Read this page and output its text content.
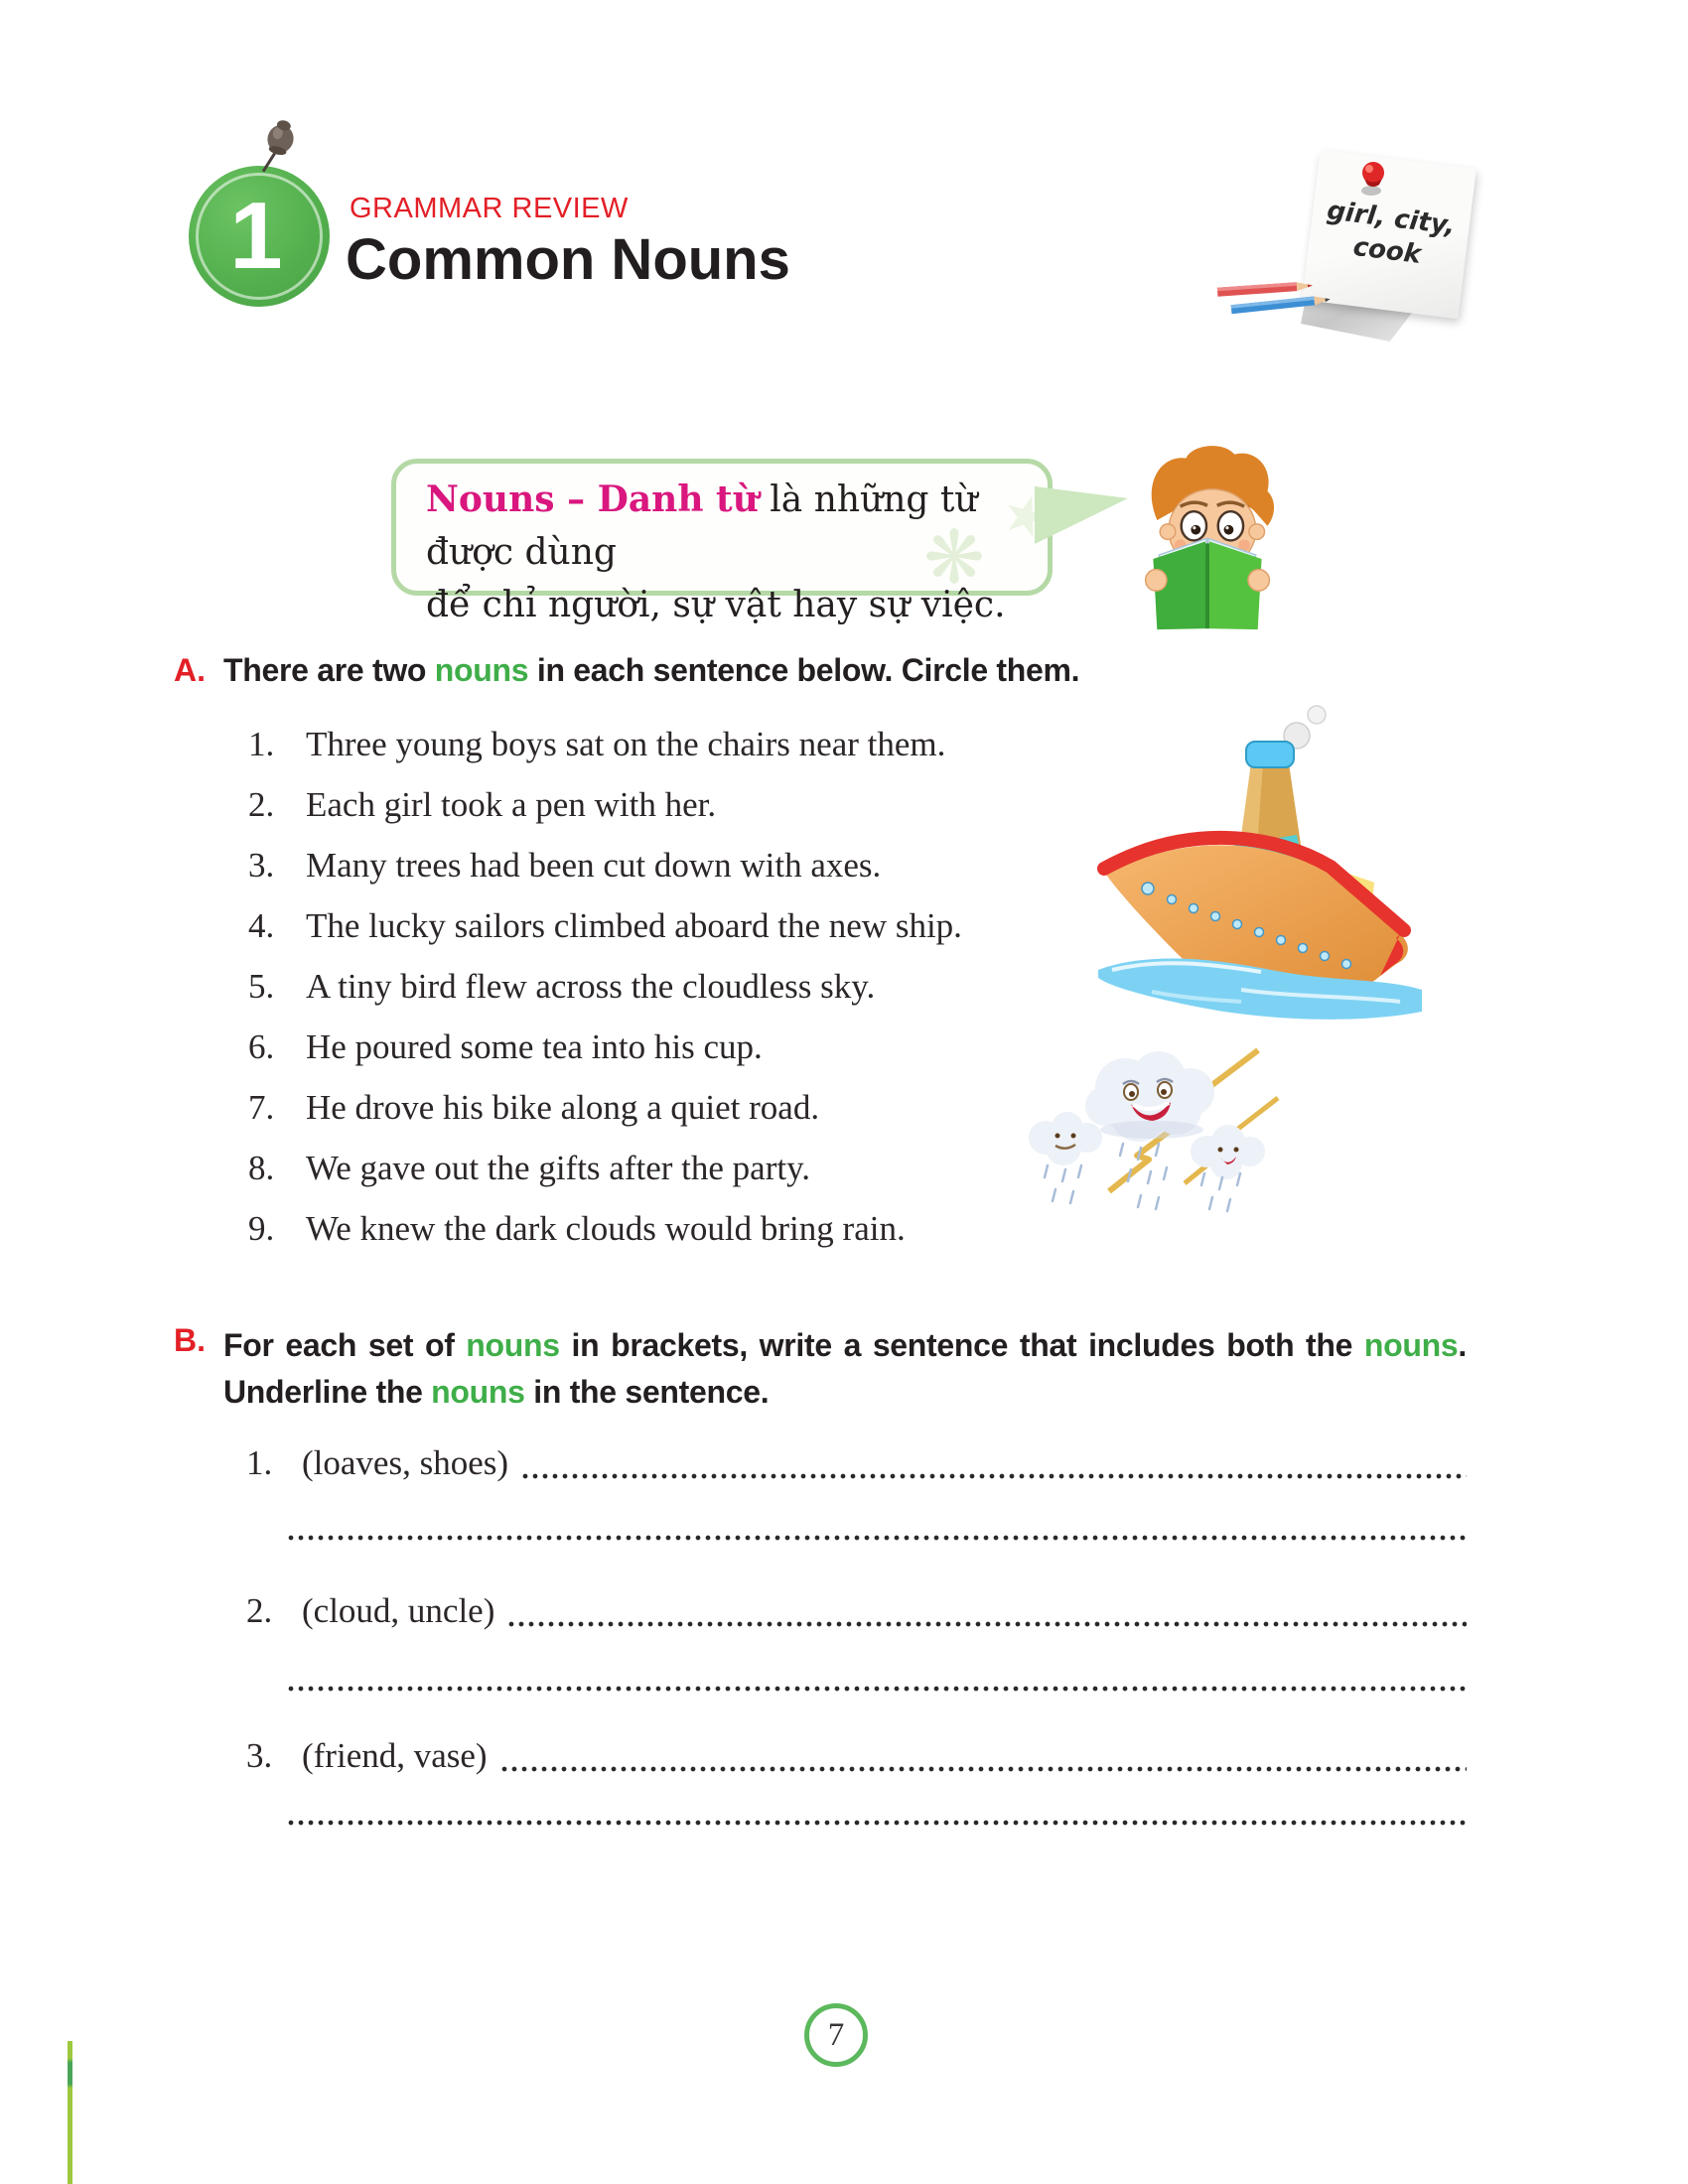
1	GRAMMAR REVIEW
Common Nouns
girl, city,
cook
❋ ★
Nouns – Danh từ là những từ được dùng
để chỉ người, sự vật hay sự việc.
A. There are two nouns in each sentence below. Circle them.
1. Three young boys sat on the chairs near them.
2. Each girl took a pen with her.
3. Many trees had been cut down with axes.
4. The lucky sailors climbed aboard the new ship.
5. A tiny bird flew across the cloudless sky.
6. He poured some tea into his cup.
7. He drove his bike along a quiet road.
8. We gave out the gifts after the party.
9. We knew the dark clouds would bring rain.
B. For each set of nouns in brackets, write a sentence that includes both the nouns. Underline the nouns in the sentence.
1. (loaves, shoes)
2. (cloud, uncle)
3. (friend, vase)
7
